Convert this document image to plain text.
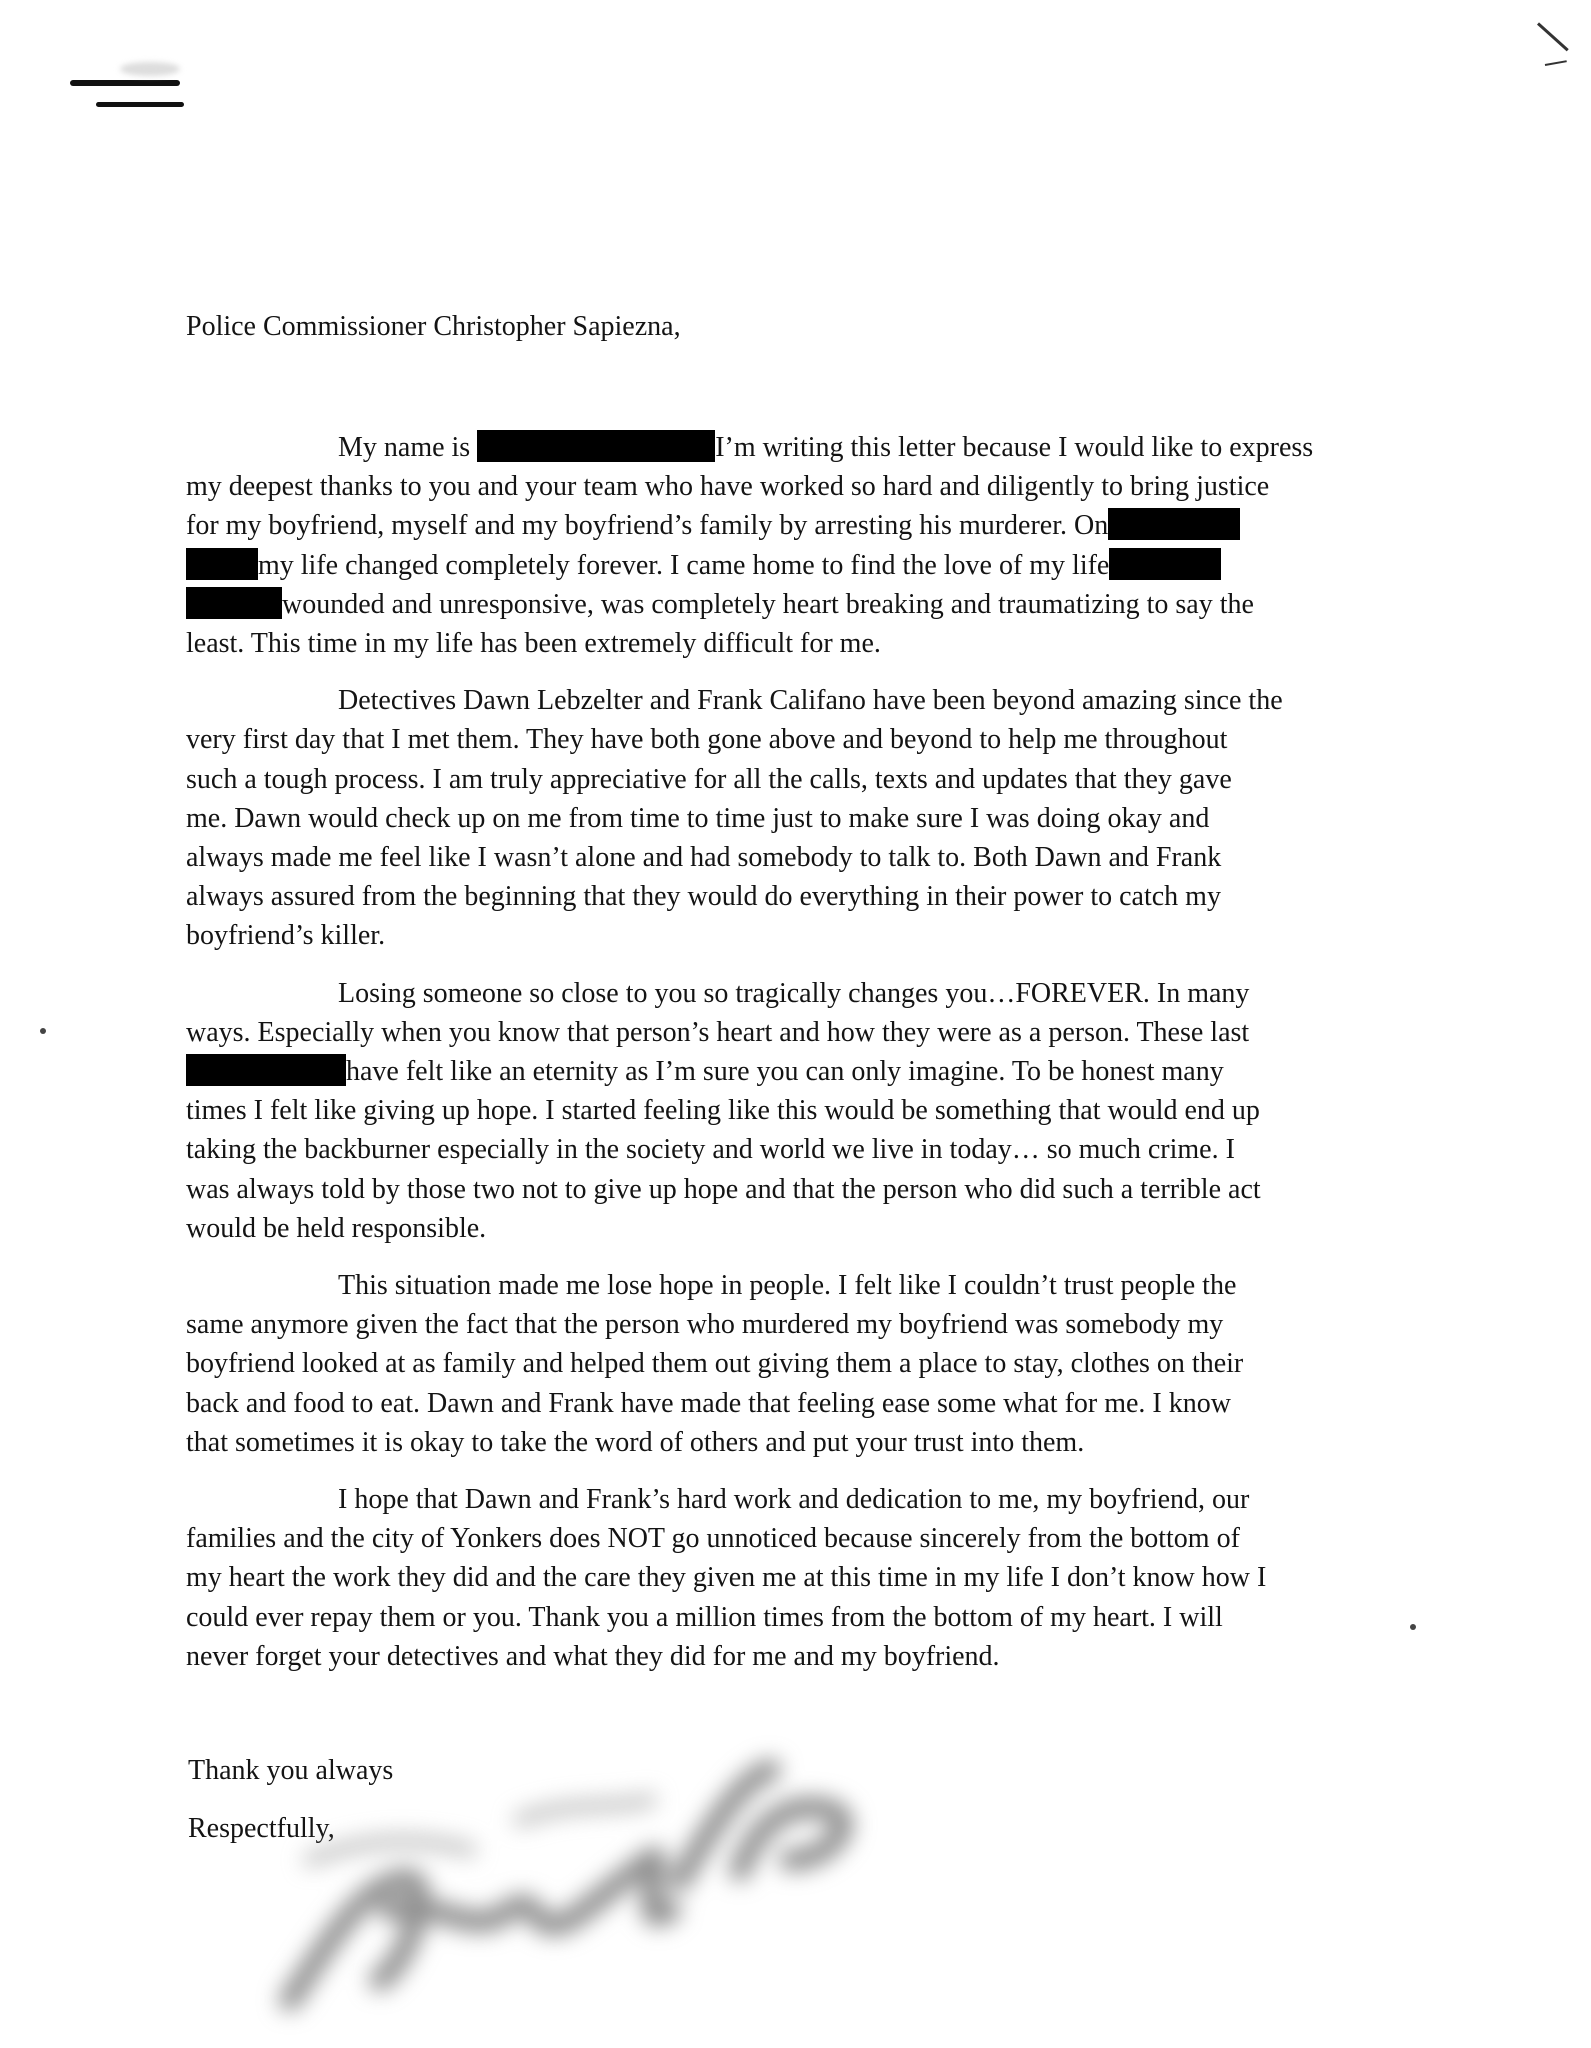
Police Commissioner Christopher Sapiezna,
My name is	I’m writing this letter because I would like to express
my deepest thanks to you and your team who have worked so hard and diligently to bring justice
for my boyfriend, myself and my boyfriend’s family by arresting his murderer. On
my life changed completely forever. I came home to find the love of my life
wounded and unresponsive, was completely heart breaking and traumatizing to say the
least. This time in my life has been extremely difficult for me.
Detectives Dawn Lebzelter and Frank Califano have been beyond amazing since the
very first day that I met them. They have both gone above and beyond to help me throughout
such a tough process. I am truly appreciative for all the calls, texts and updates that they gave
me. Dawn would check up on me from time to time just to make sure I was doing okay and
always made me feel like I wasn’t alone and had somebody to talk to. Both Dawn and Frank
always assured from the beginning that they would do everything in their power to catch my
boyfriend’s killer.
Losing someone so close to you so tragically changes you…FOREVER. In many
ways. Especially when you know that person’s heart and how they were as a person. These last
have felt like an eternity as I’m sure you can only imagine. To be honest many
times I felt like giving up hope. I started feeling like this would be something that would end up
taking the backburner especially in the society and world we live in today… so much crime. I
was always told by those two not to give up hope and that the person who did such a terrible act
would be held responsible.
This situation made me lose hope in people. I felt like I couldn’t trust people the
same anymore given the fact that the person who murdered my boyfriend was somebody my
boyfriend looked at as family and helped them out giving them a place to stay, clothes on their
back and food to eat. Dawn and Frank have made that feeling ease some what for me. I know
that sometimes it is okay to take the word of others and put your trust into them.
I hope that Dawn and Frank’s hard work and dedication to me, my boyfriend, our
families and the city of Yonkers does NOT go unnoticed because sincerely from the bottom of
my heart the work they did and the care they given me at this time in my life I don’t know how I
could ever repay them or you. Thank you a million times from the bottom of my heart. I will
never forget your detectives and what they did for me and my boyfriend.
Thank you always
Respectfully,
